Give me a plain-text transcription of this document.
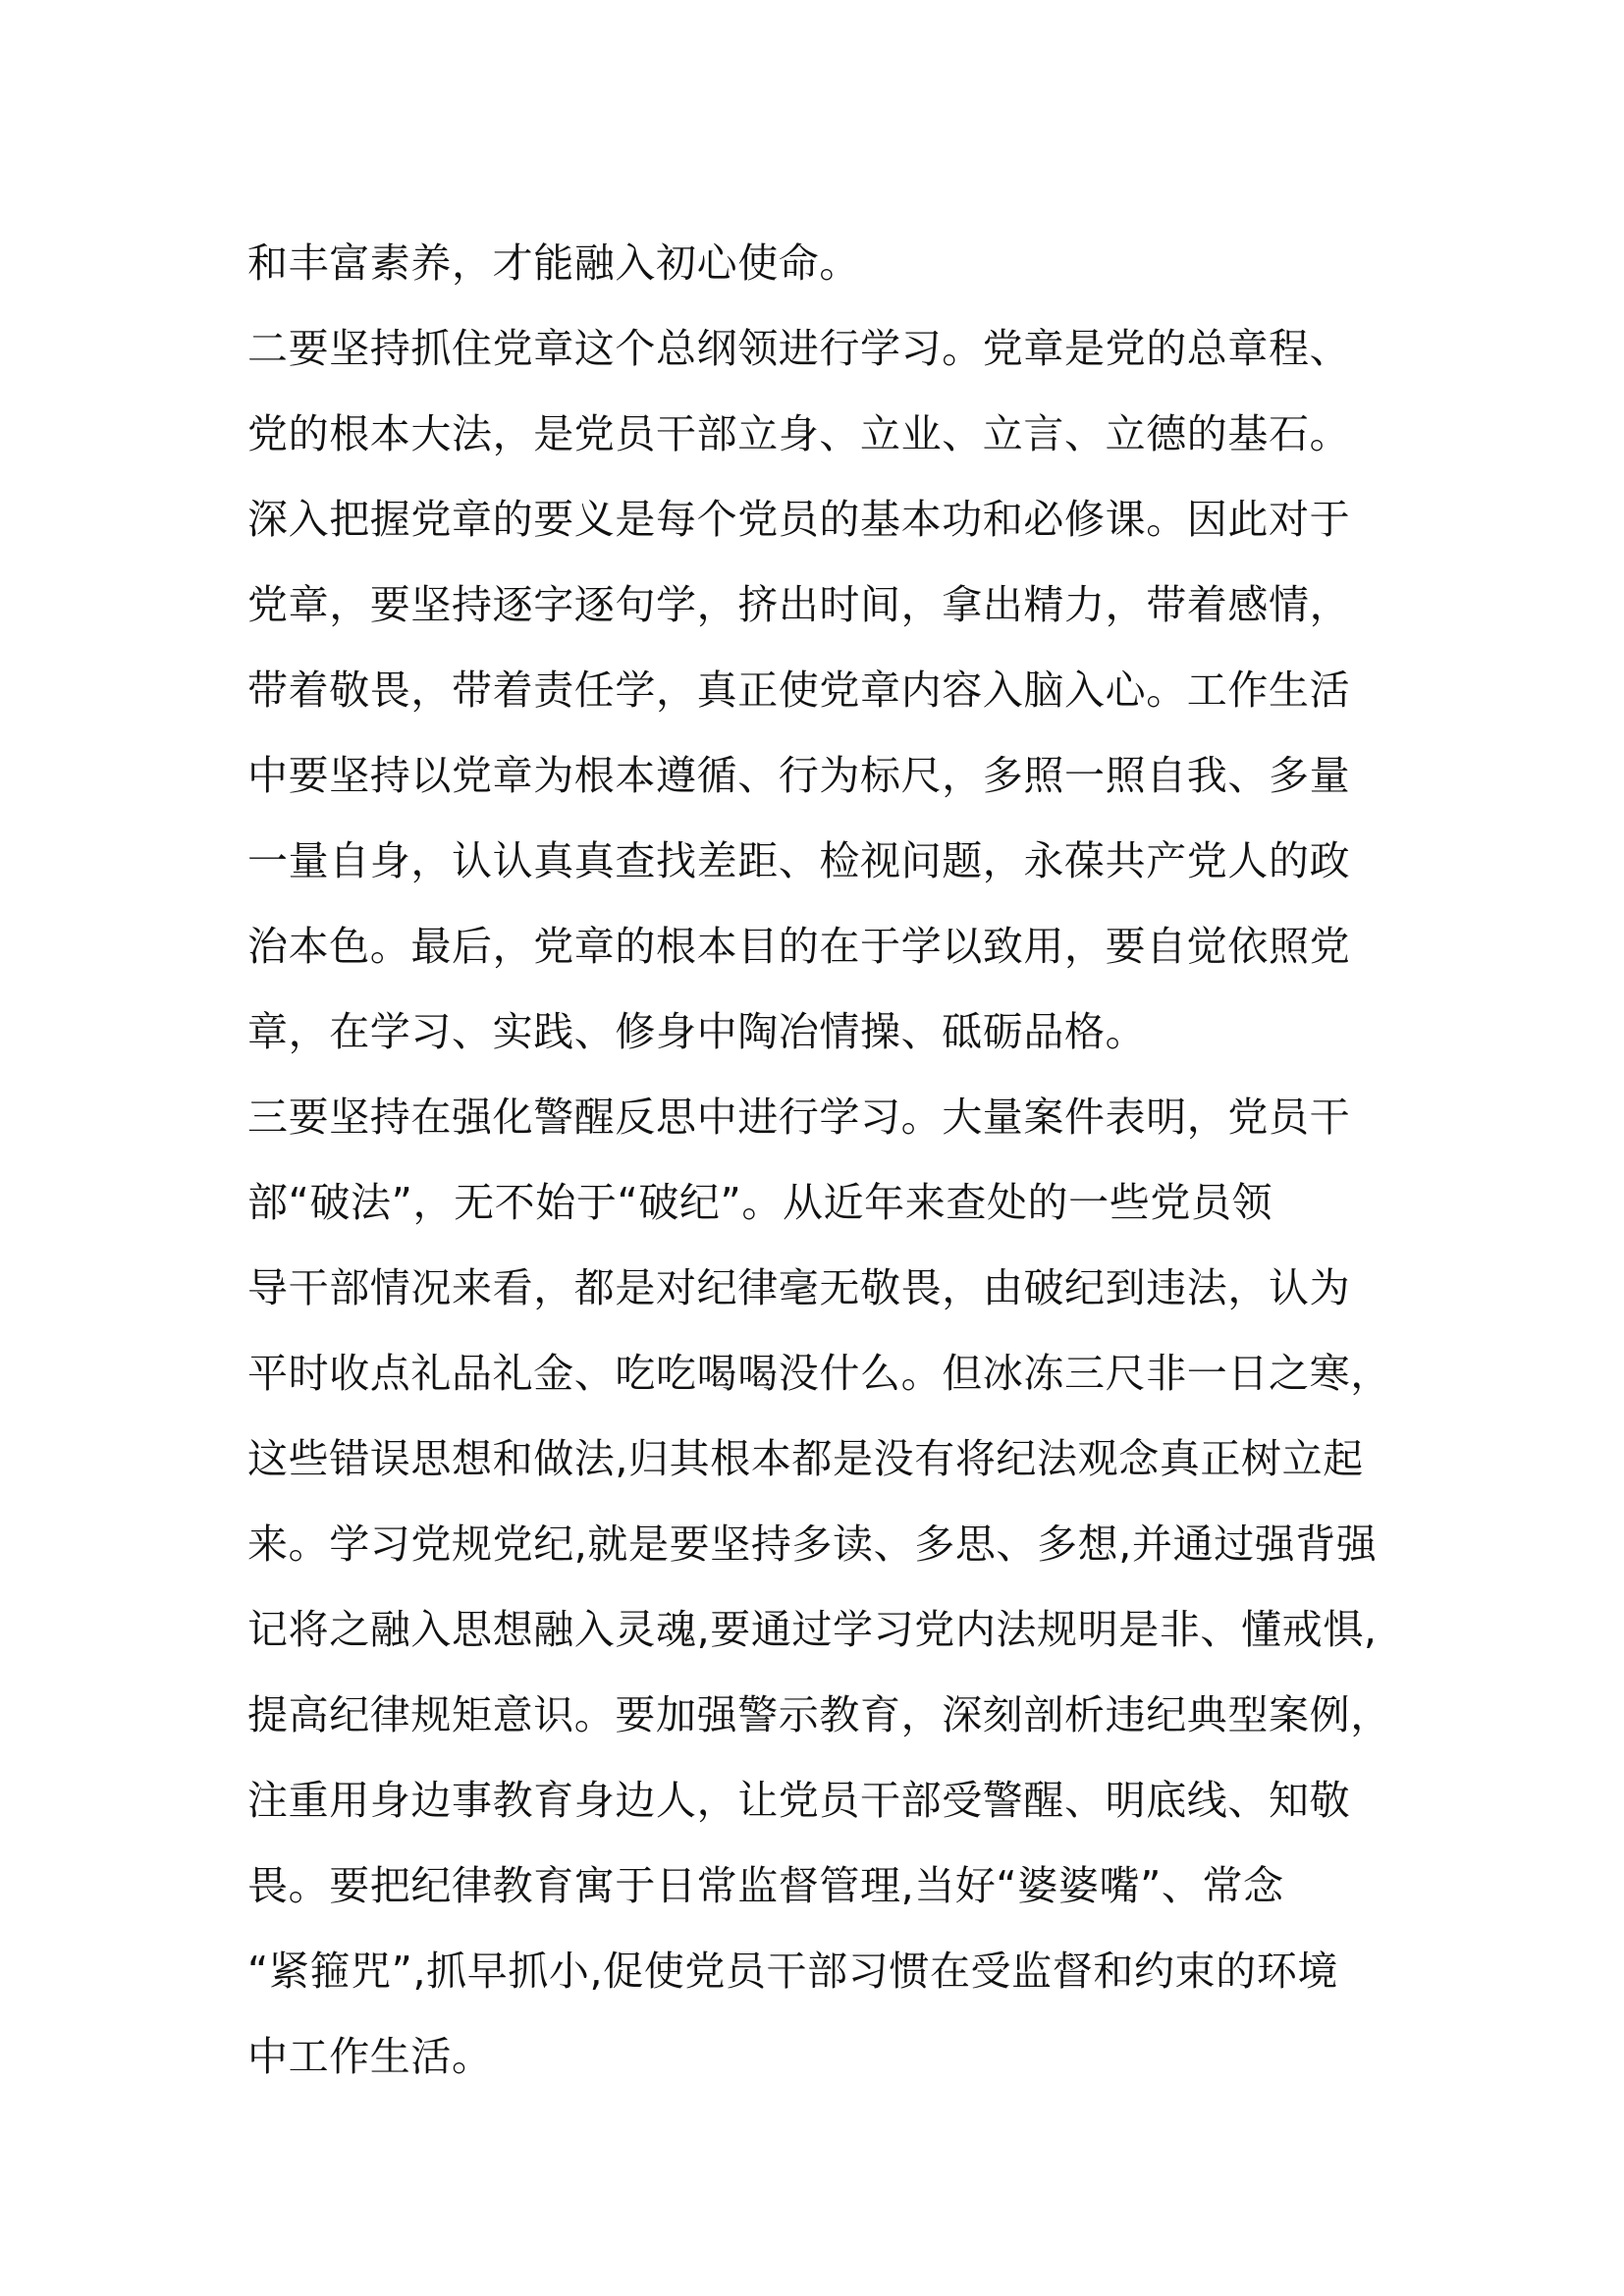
和丰富素养，才能融入初心使命。
二要坚持抓住党章这个总纲领进行学习。党章是党的总章程、
党的根本大法，是党员干部立身、立业、立言、立德的基石。
深入把握党章的要义是每个党员的基本功和必修课。因此对于
党章，要坚持逐字逐句学，挤出时间，拿出精力，带着感情，
带着敬畏，带着责任学，真正使党章内容入脑入心。工作生活
中要坚持以党章为根本遵循、行为标尺，多照一照自我、多量
一量自身，认认真真查找差距、检视问题，永葆共产党人的政
治本色。最后，党章的根本目的在于学以致用，要自觉依照党
章，在学习、实践、修身中陶冶情操、砥砺品格。
三要坚持在强化警醒反思中进行学习。大量案件表明，党员干
部“破法”，无不始于“破纪”。从近年来查处的一些党员领
导干部情况来看，都是对纪律毫无敬畏，由破纪到违法，认为
平时收点礼品礼金、吃吃喝喝没什么。但冰冻三尺非一日之寒，
这些错误思想和做法,归其根本都是没有将纪法观念真正树立起
来。学习党规党纪,就是要坚持多读、多思、多想,并通过强背强
记将之融入思想融入灵魂,要通过学习党内法规明是非、懂戒惧,
提高纪律规矩意识。要加强警示教育，深刻剖析违纪典型案例，
注重用身边事教育身边人，让党员干部受警醒、明底线、知敬
畏。要把纪律教育寓于日常监督管理,当好“婆婆嘴”、常念
“紧箍咒”,抓早抓小,促使党员干部习惯在受监督和约束的环境
中工作生活。
